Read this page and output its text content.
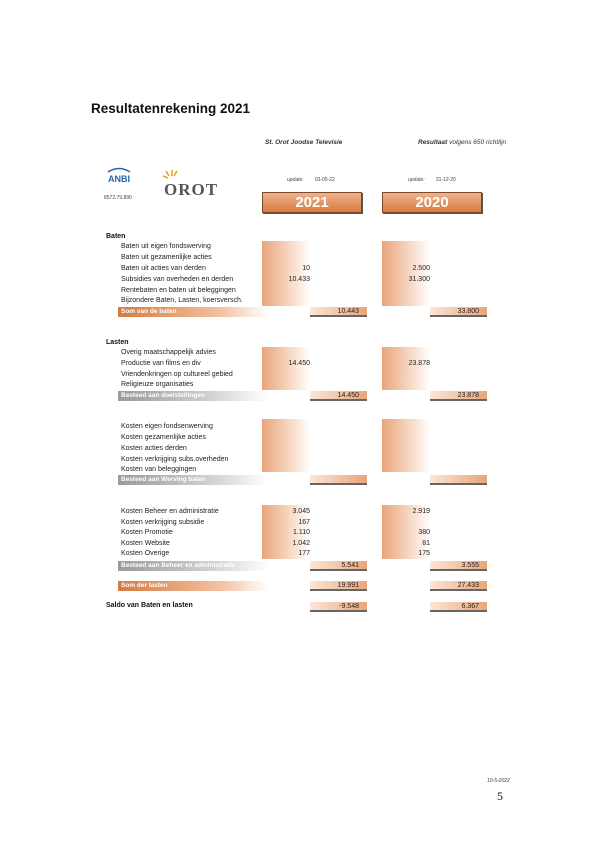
Resultatenrekening 2021
St. Orot Joodse Televisie	Resultaat volgens 650 richtlijn
ANBI
8572.79.890 OROT	update: 03-05-22	update: 31-12-20
2021	2020
Baten
Baten uit eigen fondswerving
Baten uit gezamenlijke acties
Baten uit acties van derden	10	2.500
Subsidies van overheden en derden	10.433	31.300
Rentebaten en baten uit beleggingen
Bijzondere Baten, Lasten, koersversch.
Som van de baten	10.443	33.800
Lasten
Overig maatschappelijk advies
Productie van films en div	14.450	23.878
Vriendenkringen op cultureel gebied
Religieuze organisaties
Besteed aan doelstellingen	14.450	23.878
Kosten eigen fondsenwerving
Kosten gezamenlijke acties
Kosten acties derden
Kosten verkrijging subs.overheden
Kosten van beleggingen
Besteed aan Werving baten
Kosten Beheer en administratie	3.045	2.919
Kosten verkrijging subsidie	167
Kosten Promotie	1.110	380
Kosten Website	1.042	81
Kosten Overige	177	175
Besteed aan Beheer en administratie	5.541	3.555
Som der lasten	19.991	27.433
Saldo van Baten en lasten	-9.548	6.367
10-5-2022
5
